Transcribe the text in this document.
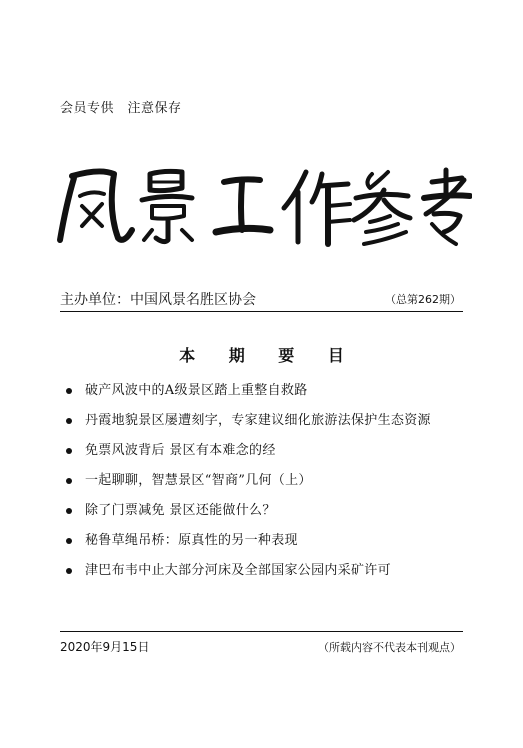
会员专供　注意保存
主办单位：中国风景名胜区协会	（总第262期）
本 期 要 目
破产风波中的A级景区踏上重整自救路
丹霞地貌景区屡遭刻字，专家建议细化旅游法保护生态资源
免票风波背后 景区有本难念的经
一起聊聊，智慧景区“智商”几何（上）
除了门票减免 景区还能做什么？
秘鲁草绳吊桥：原真性的另一种表现
津巴布韦中止大部分河床及全部国家公园内采矿许可
2020年9月15日	（所载内容不代表本刊观点）
